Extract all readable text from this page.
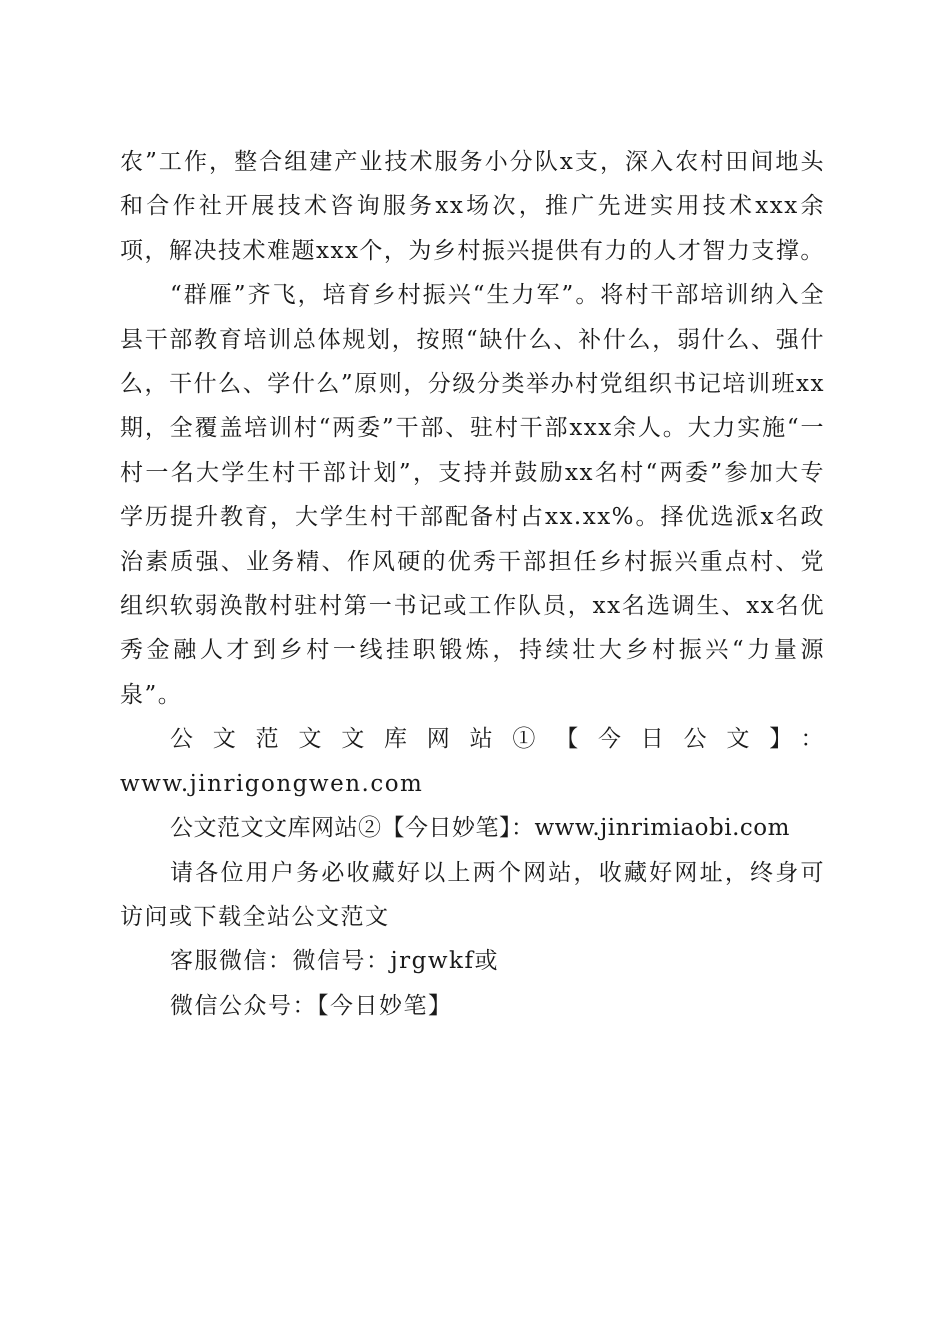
农”工作，整合组建产业技术服务小分队x支，深入农村田间地头和合作社开展技术咨询服务xx场次，推广先进实用技术xxx余项，解决技术难题xxx个，为乡村振兴提供有力的人才智力支撑。

“群雁”齐飞，培育乡村振兴“生力军”。将村干部培训纳入全县干部教育培训总体规划，按照“缺什么、补什么，弱什么、强什么，干什么、学什么”原则，分级分类举办村党组织书记培训班xx期，全覆盖培训村“两委”干部、驻村干部xxx余人。大力实施“一村一名大学生村干部计划”，支持并鼓励xx名村“两委”参加大专学历提升教育，大学生村干部配备村占xx.xx%。择优选派x名政治素质强、业务精、作风硬的优秀干部担任乡村振兴重点村、党组织软弱涣散村驻村第一书记或工作队员，xx名选调生、xx名优秀金融人才到乡村一线挂职锻炼，持续壮大乡村振兴“力量源泉”。

公文范文文库网站①【今日公文】：www.jinrigongwen.com

公文范文文库网站②【今日妙笔】：www.jinrimiaobi.com

请各位用户务必收藏好以上两个网站，收藏好网址，终身可访问或下载全站公文范文

客服微信：微信号：jrgwkf或

微信公众号：【今日妙笔】
